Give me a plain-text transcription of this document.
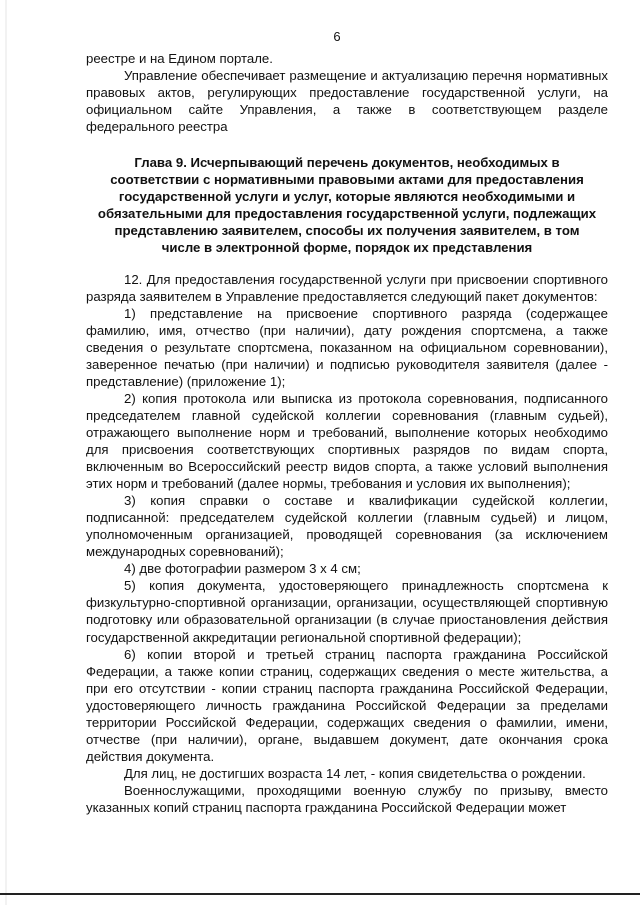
6

реестре и на Едином портале.

Управление обеспечивает размещение и актуализацию перечня нормативных правовых актов, регулирующих предоставление государственной услуги, на официальном сайте Управления, а также в соответствующем разделе федерального реестра

Глава 9. Исчерпывающий перечень документов, необходимых в
соответствии с нормативными правовыми актами для предоставления
государственной услуги и услуг, которые являются необходимыми и
обязательными для предоставления государственной услуги, подлежащих
представлению заявителем, способы их получения заявителем, в том
числе в электронной форме, порядок их представления

12. Для предоставления государственной услуги при присвоении спортивного разряда заявителем в Управление предоставляется следующий пакет документов:

1) представление на присвоение спортивного разряда (содержащее фамилию, имя, отчество (при наличии), дату рождения спортсмена, а также сведения о результате спортсмена, показанном на официальном соревновании), заверенное печатью (при наличии) и подписью руководителя заявителя (далее - представление) (приложение 1);

2) копия протокола или выписка из протокола соревнования, подписанного председателем главной судейской коллегии соревнования (главным судьей), отражающего выполнение норм и требований, выполнение которых необходимо для присвоения соответствующих спортивных разрядов по видам спорта, включенным во Всероссийский реестр видов спорта, а также условий выполнения этих норм и требований (далее нормы, требования и условия их выполнения);

3) копия справки о составе и квалификации судейской коллегии, подписанной: председателем судейской коллегии (главным судьей) и лицом, уполномоченным организацией, проводящей соревнования (за исключением международных соревнований);

4) две фотографии размером 3 х 4 см;

5) копия документа, удостоверяющего принадлежность спортсмена к физкультурно-спортивной организации, организации, осуществляющей спортивную подготовку или образовательной организации (в случае приостановления действия государственной аккредитации региональной спортивной федерации);

6) копии второй и третьей страниц паспорта гражданина Российской Федерации, а также копии страниц, содержащих сведения о месте жительства, а при его отсутствии - копии страниц паспорта гражданина Российской Федерации, удостоверяющего личность гражданина Российской Федерации за пределами территории Российской Федерации, содержащих сведения о фамилии, имени, отчестве (при наличии), органе, выдавшем документ, дате окончания срока действия документа.

Для лиц, не достигших возраста 14 лет, - копия свидетельства о рождении.

Военнослужащими, проходящими военную службу по призыву, вместо указанных копий страниц паспорта гражданина Российской Федерации может
